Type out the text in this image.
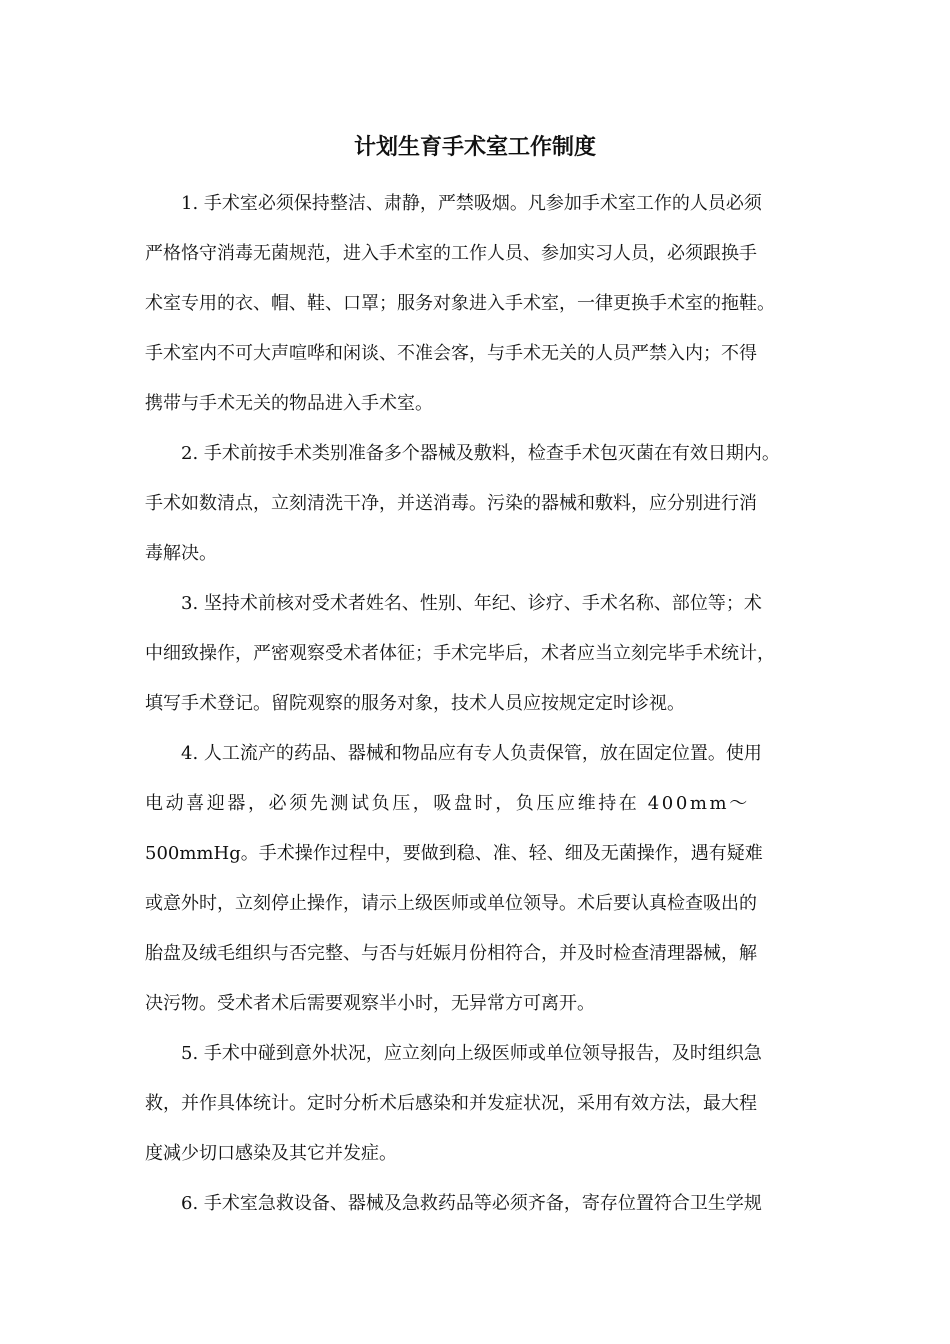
计划生育手术室工作制度
1. 手术室必须保持整洁、肃静，严禁吸烟。凡参加手术室工作的人员必须
严格恪守消毒无菌规范，进入手术室的工作人员、参加实习人员，必须跟换手
术室专用的衣、帽、鞋、口罩；服务对象进入手术室，一律更换手术室的拖鞋。
手术室内不可大声喧哗和闲谈、不准会客，与手术无关的人员严禁入内；不得
携带与手术无关的物品进入手术室。
2. 手术前按手术类别准备多个器械及敷料，检查手术包灭菌在有效日期内。
手术如数清点，立刻清洗干净，并送消毒。污染的器械和敷料，应分别进行消
毒解决。
3. 坚持术前核对受术者姓名、性别、年纪、诊疗、手术名称、部位等；术
中细致操作，严密观察受术者体征；手术完毕后，术者应当立刻完毕手术统计，
填写手术登记。留院观察的服务对象，技术人员应按规定定时诊视。
4. 人工流产的药品、器械和物品应有专人负责保管，放在固定位置。使用
电动喜迎器，必须先测试负压，吸盘时，负压应维持在 400mm～
500mmHg。手术操作过程中，要做到稳、准、轻、细及无菌操作，遇有疑难
或意外时，立刻停止操作，请示上级医师或单位领导。术后要认真检查吸出的
胎盘及绒毛组织与否完整、与否与妊娠月份相符合，并及时检查清理器械，解
决污物。受术者术后需要观察半小时，无异常方可离开。
5. 手术中碰到意外状况，应立刻向上级医师或单位领导报告，及时组织急
救，并作具体统计。定时分析术后感染和并发症状况，采用有效方法，最大程
度减少切口感染及其它并发症。
6. 手术室急救设备、器械及急救药品等必须齐备，寄存位置符合卫生学规
